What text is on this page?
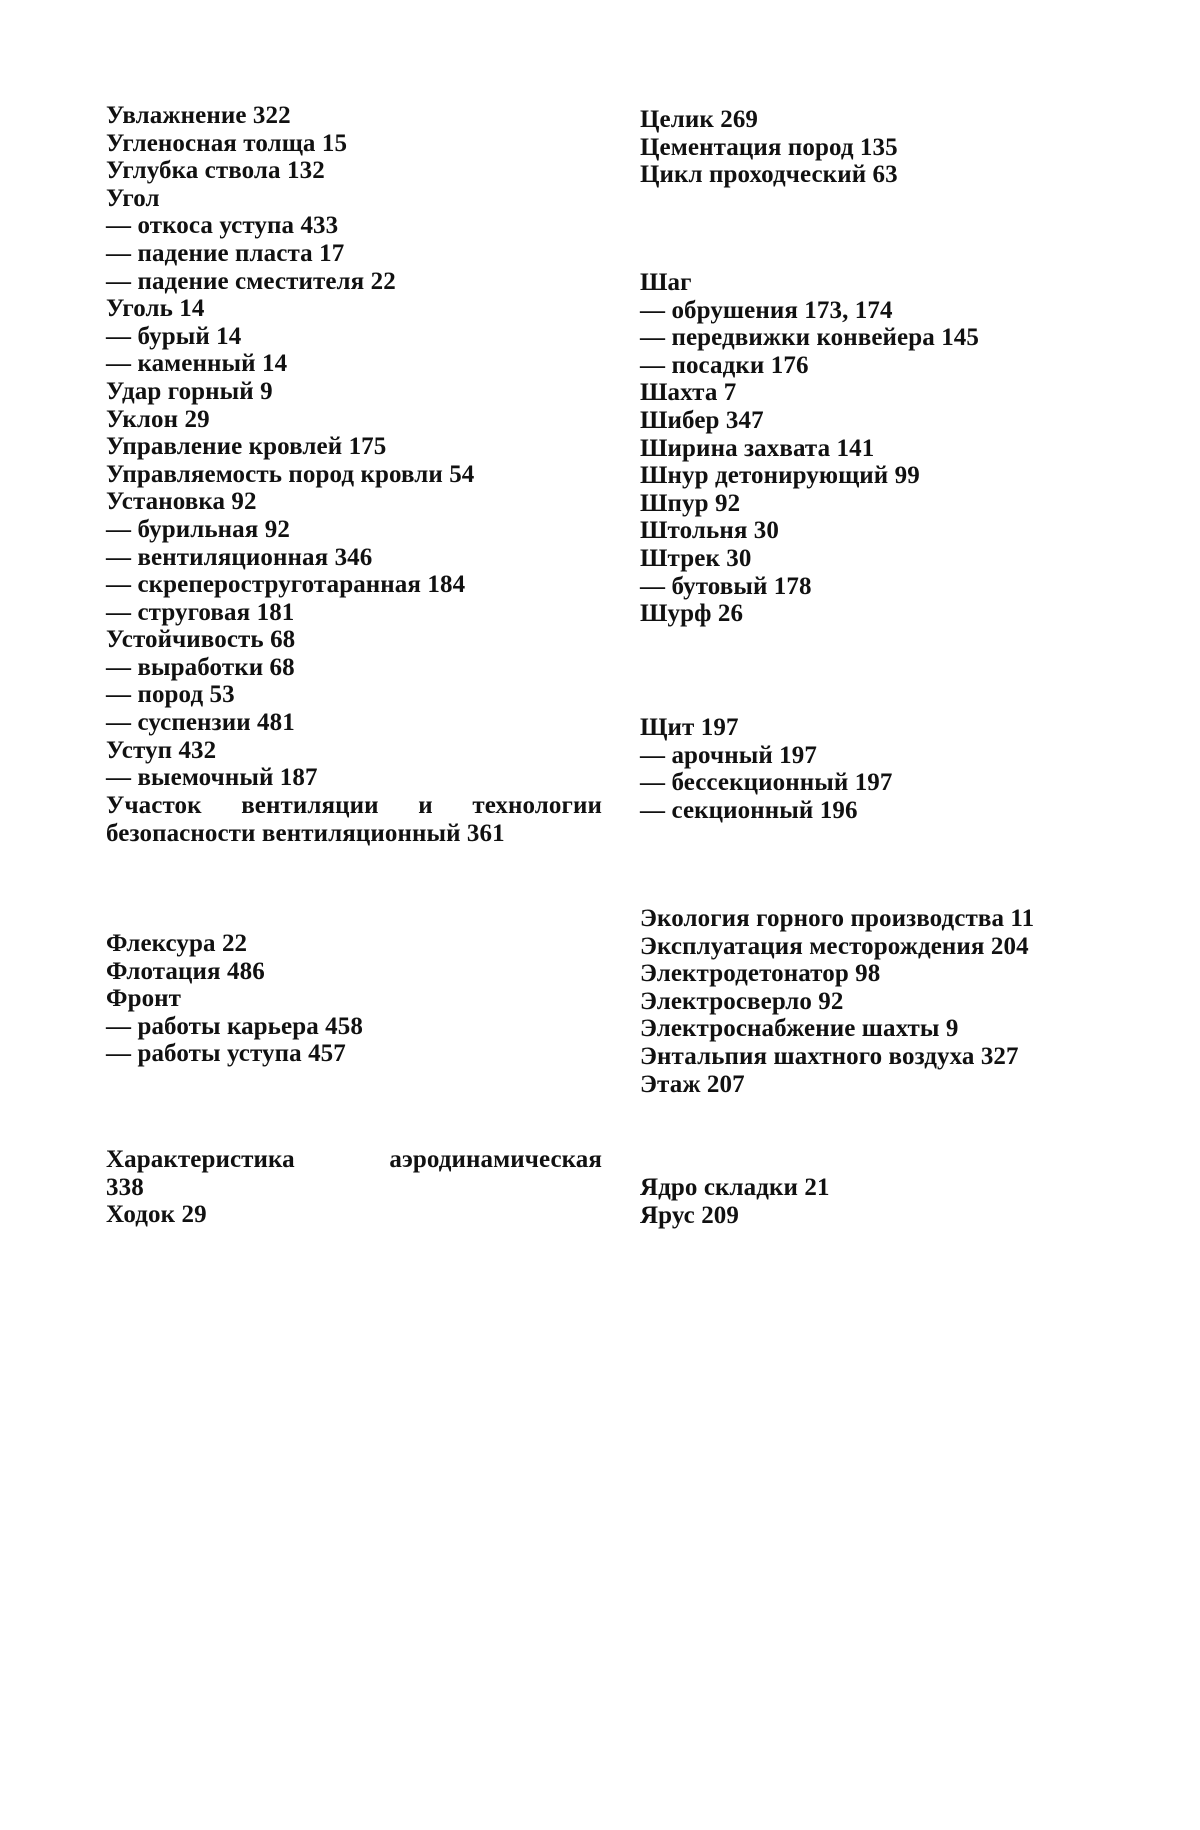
Увлажнение 322
Угленосная толща 15
Углубка ствола 132
Угол
— откоса уступа 433
— падение пласта 17
— падение сместителя 22
Уголь 14
— бурый 14
— каменный 14
Удар горный 9
Уклон 29
Управление кровлей 175
Управляемость пород кровли 54
Установка 92
— бурильная 92
— вентиляционная 346
— скрепероструготаранная 184
— струговая 181
Устойчивость 68
— выработки 68
— пород 53
— суспензии 481
Уступ 432
— выемочный 187
Участок вентиляции и технологии
безопасности вентиляционный 361
Флексура 22
Флотация 486
Фронт
— работы карьера 458
— работы уступа 457
Характеристика аэродинамическая
338
Ходок 29
Целик 269
Цементация пород 135
Цикл проходческий 63
Шаг
— обрушения 173, 174
— передвижки конвейера 145
— посадки 176
Шахта 7
Шибер 347
Ширина захвата 141
Шнур детонирующий 99
Шпур 92
Штольня 30
Штрек 30
— бутовый 178
Шурф 26
Щит 197
— арочный 197
— бессекционный 197
— секционный 196
Экология горного производства 11
Эксплуатация месторождения 204
Электродетонатор 98
Электросверло 92
Электроснабжение шахты 9
Энтальпия шахтного воздуха 327
Этаж 207
Ядро складки 21
Ярус 209
